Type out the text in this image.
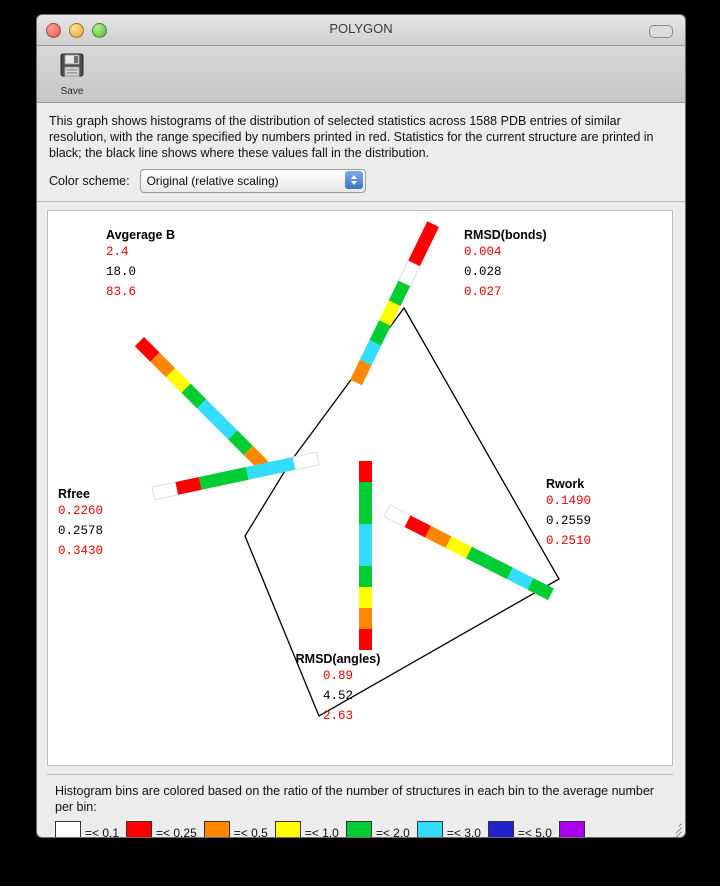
POLYGON
Save
This graph shows histograms of the distribution of selected statistics across 1588 PDB entries of similar resolution, with the range specified by numbers printed in red. Statistics for the current structure are printed in black; the black line shows where these values fall in the distribution.
Color scheme:	Original (relative scaling)
Avgerage B
2.4
18.0
83.6
RMSD(bonds)
0.004
0.028
0.027
Rwork
0.1490
0.2559
0.2510
RMSD(angles)
0.89
4.52
2.63
Rfree
0.2260
0.2578
0.3430
Histogram bins are colored based on the ratio of the number of structures in each bin to the average number per bin:
=< 0.1	=< 0.25	=< 0.5	=< 1.0	=< 2.0	=< 3.0	=< 5.0
